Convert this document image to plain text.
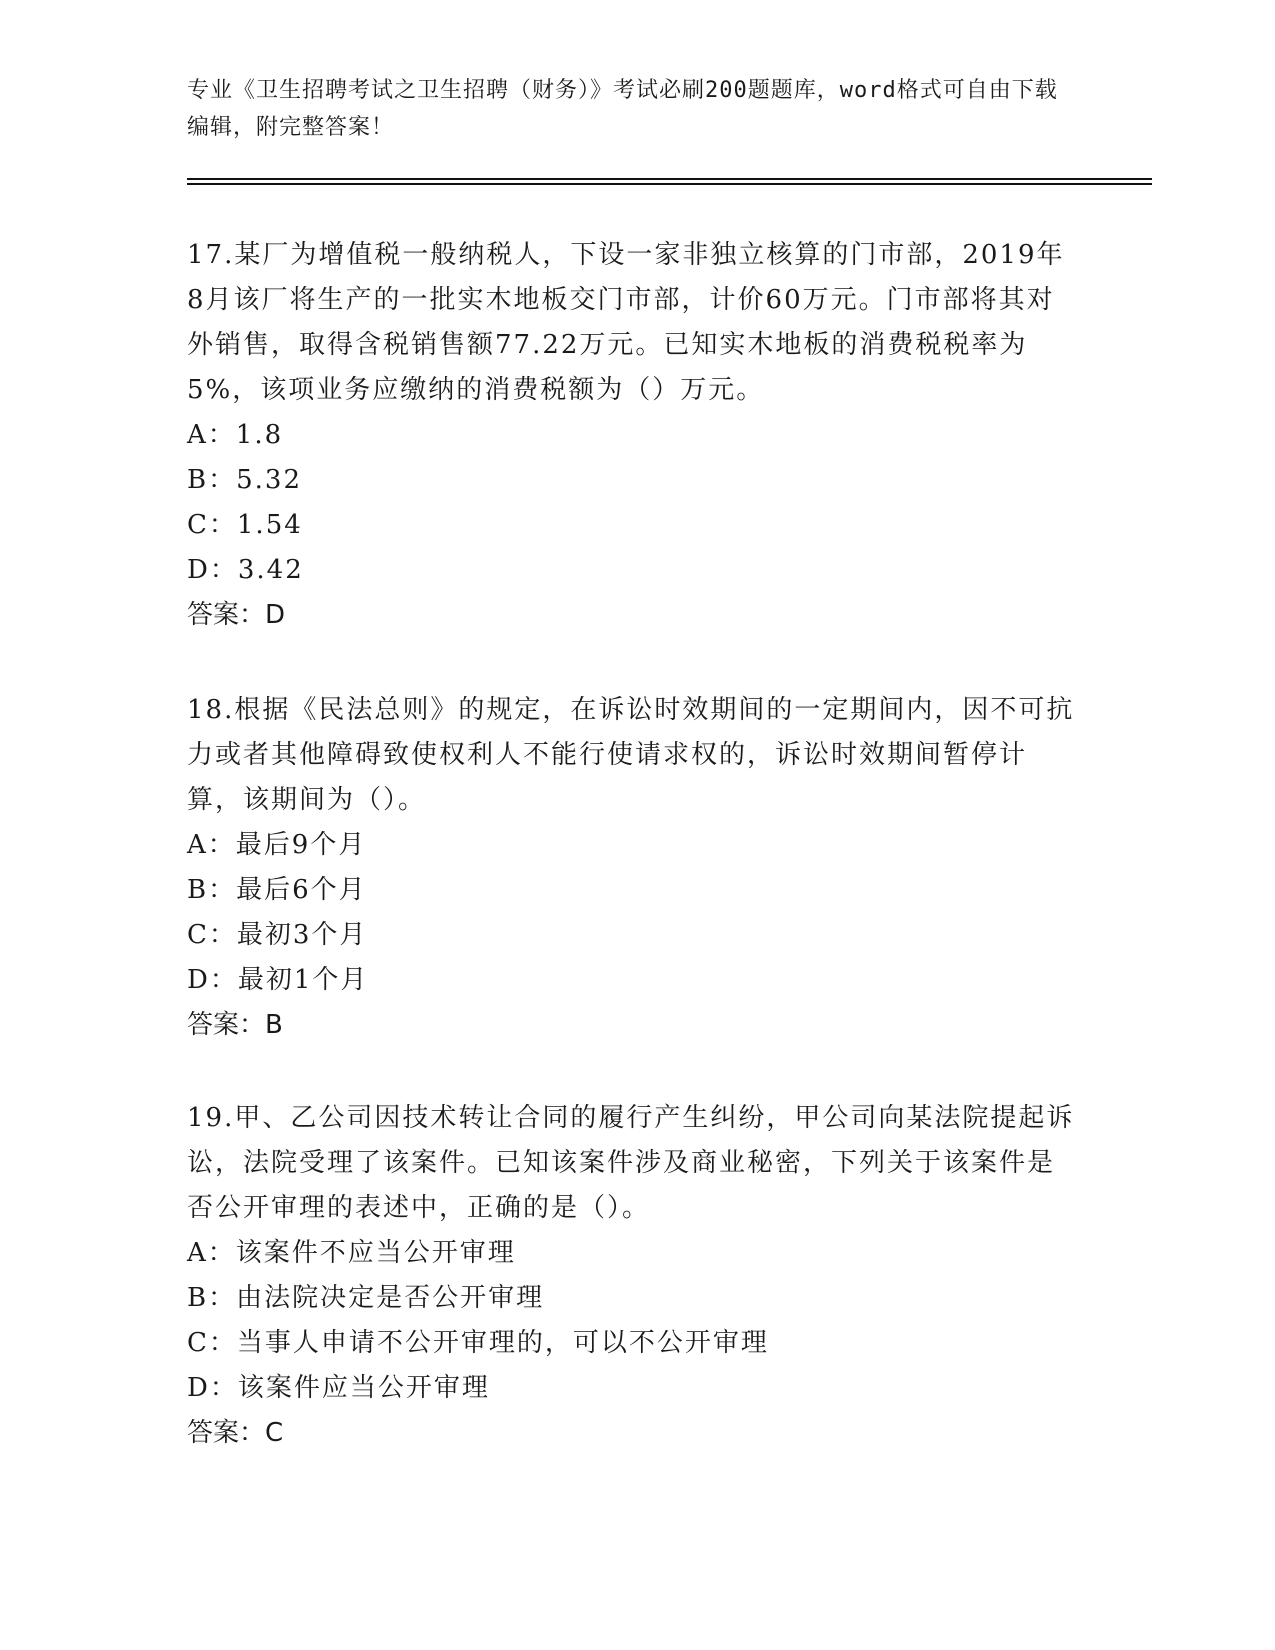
专业《卫生招聘考试之卫生招聘（财务）》考试必刷200题题库，word格式可自由下载编辑，附完整答案！

17.某厂为增值税一般纳税人，下设一家非独立核算的门市部，2019年8月该厂将生产的一批实木地板交门市部，计价60万元。门市部将其对外销售，取得含税销售额77.22万元。已知实木地板的消费税税率为5%，该项业务应缴纳的消费税额为（）万元。

A：1.8

B：5.32

C：1.54

D：3.42

答案：D

18.根据《民法总则》的规定，在诉讼时效期间的一定期间内，因不可抗力或者其他障碍致使权利人不能行使请求权的，诉讼时效期间暂停计算，该期间为（）。

A：最后9个月

B：最后6个月

C：最初3个月

D：最初1个月

答案：B

19.甲、乙公司因技术转让合同的履行产生纠纷，甲公司向某法院提起诉讼，法院受理了该案件。已知该案件涉及商业秘密，下列关于该案件是否公开审理的表述中，正确的是（）。

A：该案件不应当公开审理

B：由法院决定是否公开审理

C：当事人申请不公开审理的，可以不公开审理

D：该案件应当公开审理

答案：C
